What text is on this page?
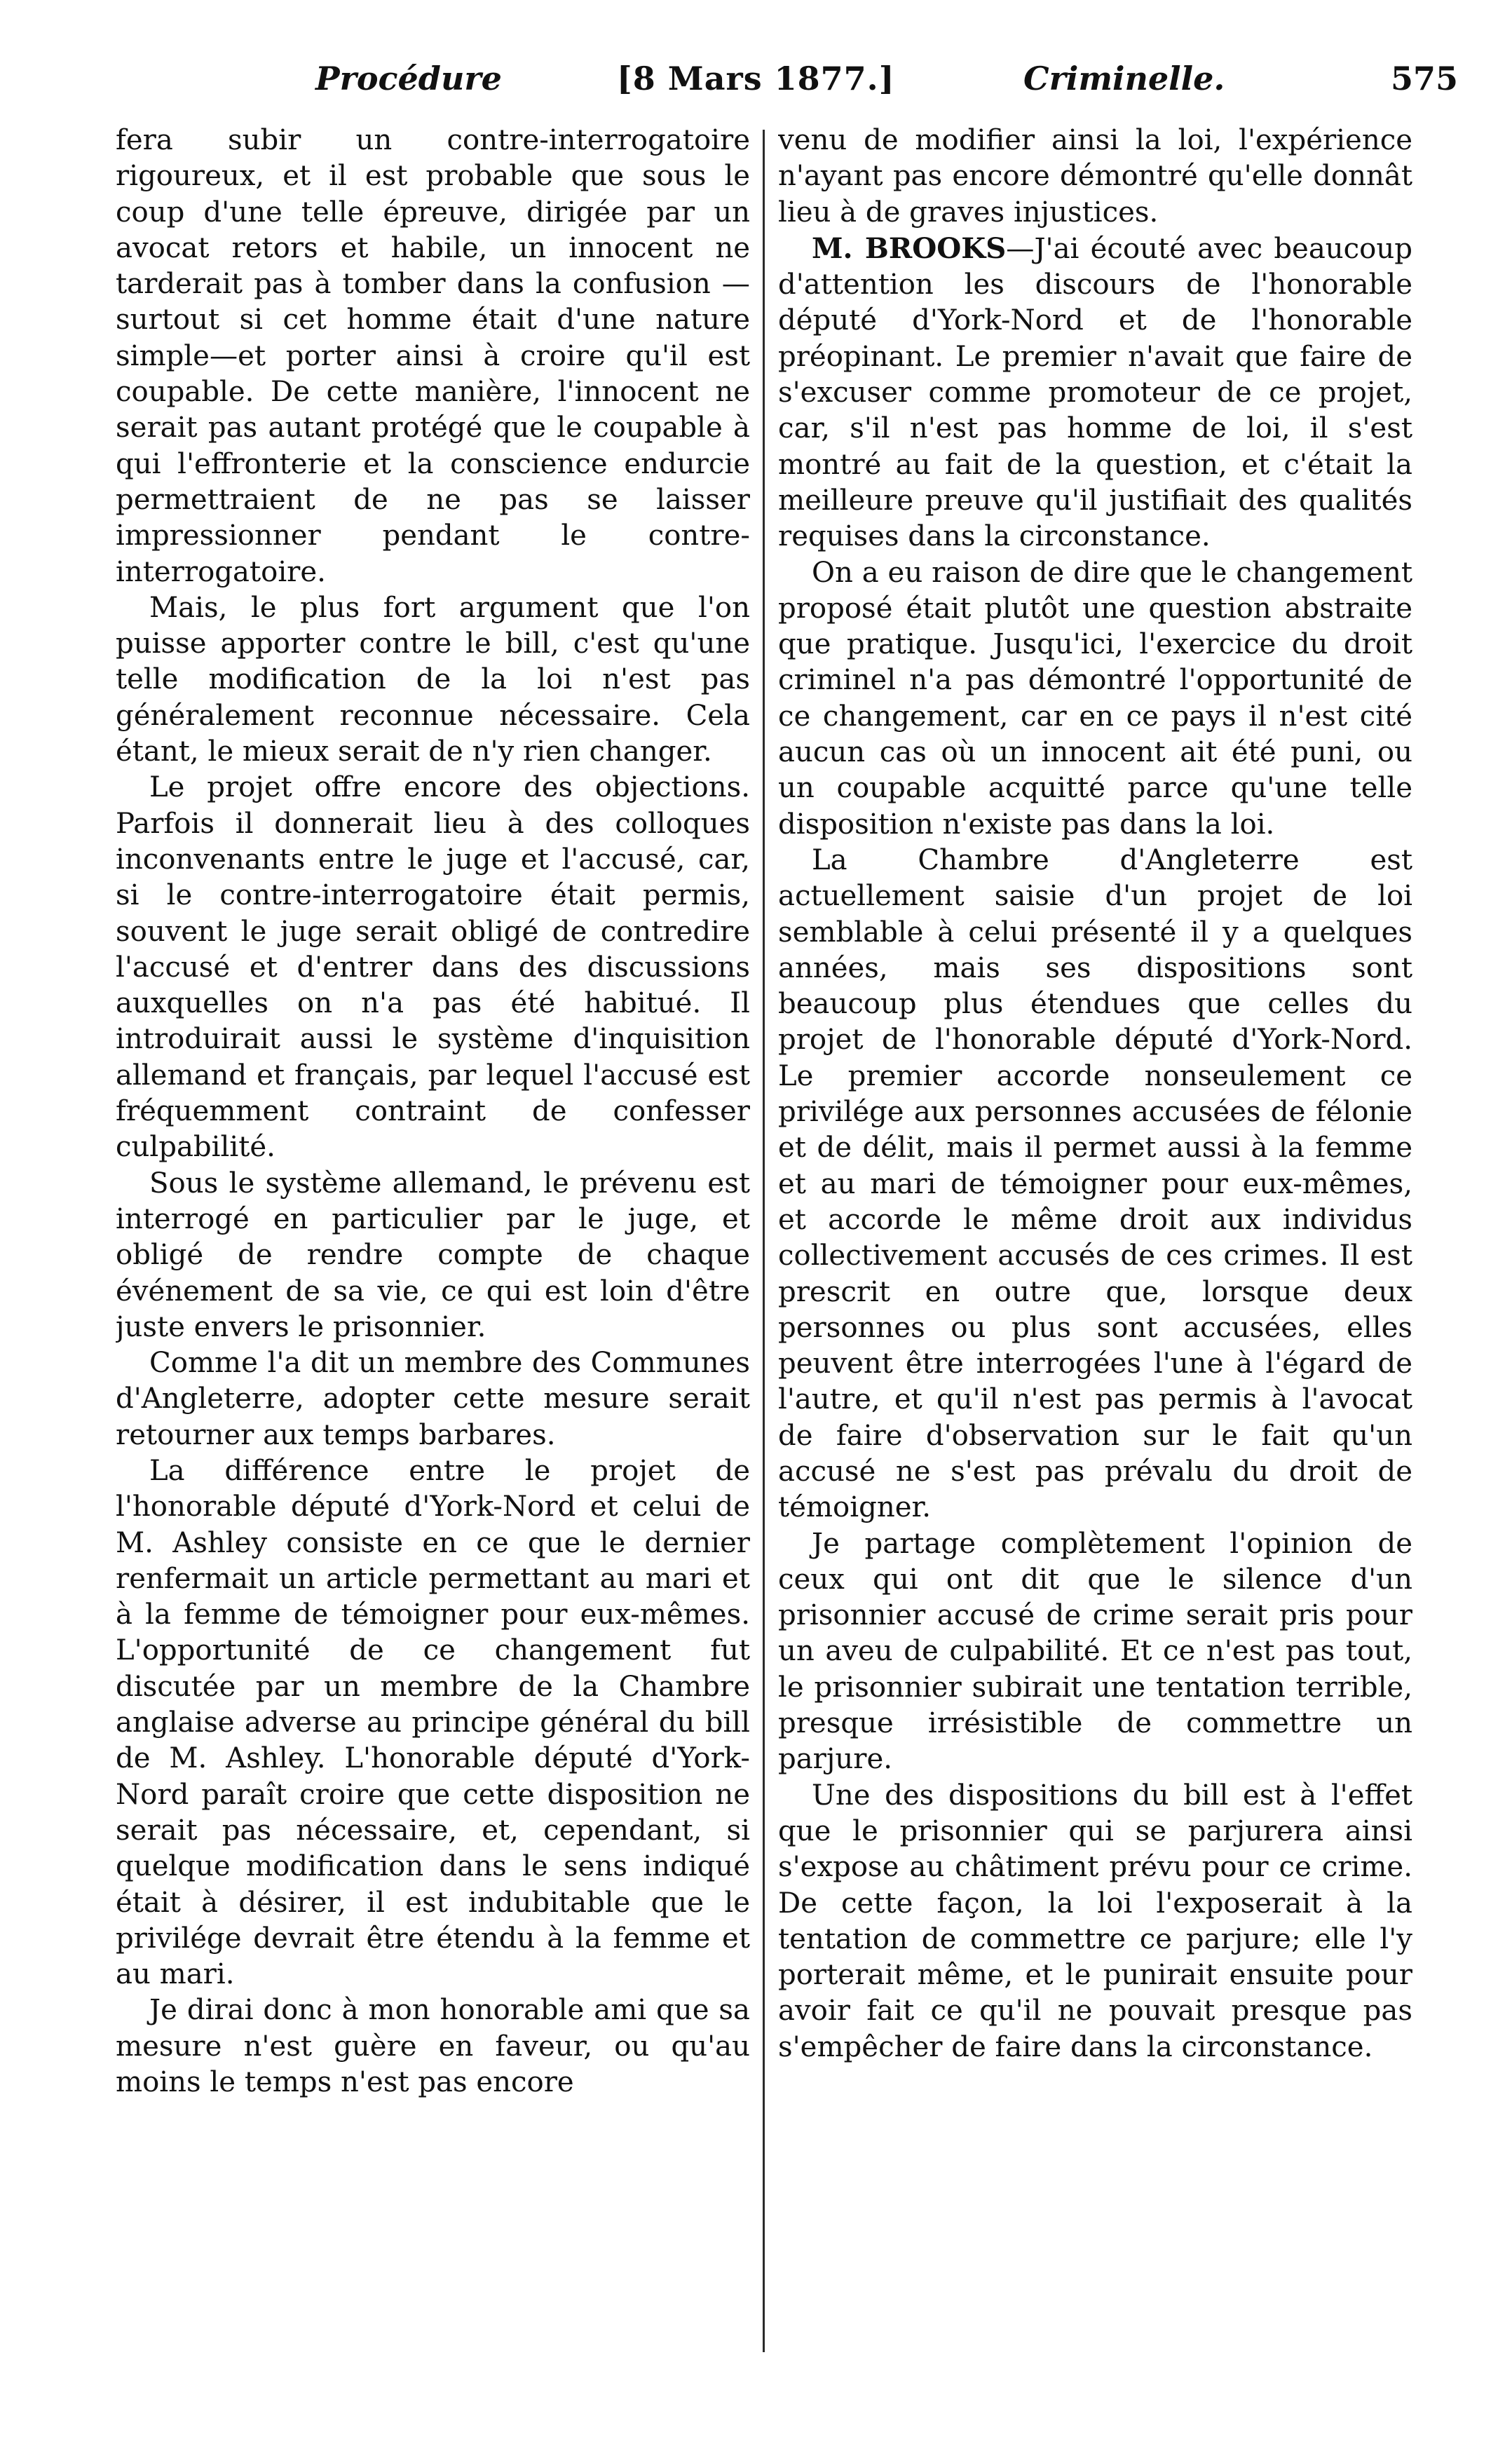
Procédure	[8 Mars 1877.]	Criminelle.	575

fera subir un contre-interrogatoire rigoureux, et il est probable que sous le coup d'une telle épreuve, dirigée par un avocat retors et habile, un innocent ne tarderait pas à tomber dans la confusion — surtout si cet homme était d'une nature simple—et porter ainsi à croire qu'il est coupable. De cette manière, l'innocent ne serait pas autant protégé que le coupable à qui l'effronterie et la conscience endurcie permettraient de ne pas se laisser impressionner pendant le contre-interrogatoire.

Mais, le plus fort argument que l'on puisse apporter contre le bill, c'est qu'une telle modification de la loi n'est pas généralement reconnue nécessaire. Cela étant, le mieux serait de n'y rien changer.

Le projet offre encore des objections. Parfois il donnerait lieu à des colloques inconvenants entre le juge et l'accusé, car, si le contre-interrogatoire était permis, souvent le juge serait obligé de contredire l'accusé et d'entrer dans des discussions auxquelles on n'a pas été habitué. Il introduirait aussi le système d'inquisition allemand et français, par lequel l'accusé est fréquemment contraint de confesser culpabilité.

Sous le système allemand, le prévenu est interrogé en particulier par le juge, et obligé de rendre compte de chaque événement de sa vie, ce qui est loin d'être juste envers le prisonnier.

Comme l'a dit un membre des Communes d'Angleterre, adopter cette mesure serait retourner aux temps barbares.

La différence entre le projet de l'honorable député d'York-Nord et celui de M. Ashley consiste en ce que le dernier renfermait un article permettant au mari et à la femme de témoigner pour eux-mêmes. L'opportunité de ce changement fut discutée par un membre de la Chambre anglaise adverse au principe général du bill de M. Ashley. L'honorable député d'York-Nord paraît croire que cette disposition ne serait pas nécessaire, et, cependant, si quelque modification dans le sens indiqué était à désirer, il est indubitable que le privilége devrait être étendu à la femme et au mari.

Je dirai donc à mon honorable ami que sa mesure n'est guère en faveur, ou qu'au moins le temps n'est pas encore

venu de modifier ainsi la loi, l'expérience n'ayant pas encore démontré qu'elle donnât lieu à de graves injustices.

M. BROOKS—J'ai écouté avec beaucoup d'attention les discours de l'honorable député d'York-Nord et de l'honorable préopinant. Le premier n'avait que faire de s'excuser comme promoteur de ce projet, car, s'il n'est pas homme de loi, il s'est montré au fait de la question, et c'était la meilleure preuve qu'il justifiait des qualités requises dans la circonstance.

On a eu raison de dire que le changement proposé était plutôt une question abstraite que pratique. Jusqu'ici, l'exercice du droit criminel n'a pas démontré l'opportunité de ce changement, car en ce pays il n'est cité aucun cas où un innocent ait été puni, ou un coupable acquitté parce qu'une telle disposition n'existe pas dans la loi.

La Chambre d'Angleterre est actuellement saisie d'un projet de loi semblable à celui présenté il y a quelques années, mais ses dispositions sont beaucoup plus étendues que celles du projet de l'honorable député d'York-Nord. Le premier accorde nonseulement ce privilége aux personnes accusées de félonie et de délit, mais il permet aussi à la femme et au mari de témoigner pour eux-mêmes, et accorde le même droit aux individus collectivement accusés de ces crimes. Il est prescrit en outre que, lorsque deux personnes ou plus sont accusées, elles peuvent être interrogées l'une à l'égard de l'autre, et qu'il n'est pas permis à l'avocat de faire d'observation sur le fait qu'un accusé ne s'est pas prévalu du droit de témoigner.

Je partage complètement l'opinion de ceux qui ont dit que le silence d'un prisonnier accusé de crime serait pris pour un aveu de culpabilité. Et ce n'est pas tout, le prisonnier subirait une tentation terrible, presque irrésistible de commettre un parjure.

Une des dispositions du bill est à l'effet que le prisonnier qui se parjurera ainsi s'expose au châtiment prévu pour ce crime. De cette façon, la loi l'exposerait à la tentation de commettre ce parjure; elle l'y porterait même, et le punirait ensuite pour avoir fait ce qu'il ne pouvait presque pas s'empêcher de faire dans la circonstance.
